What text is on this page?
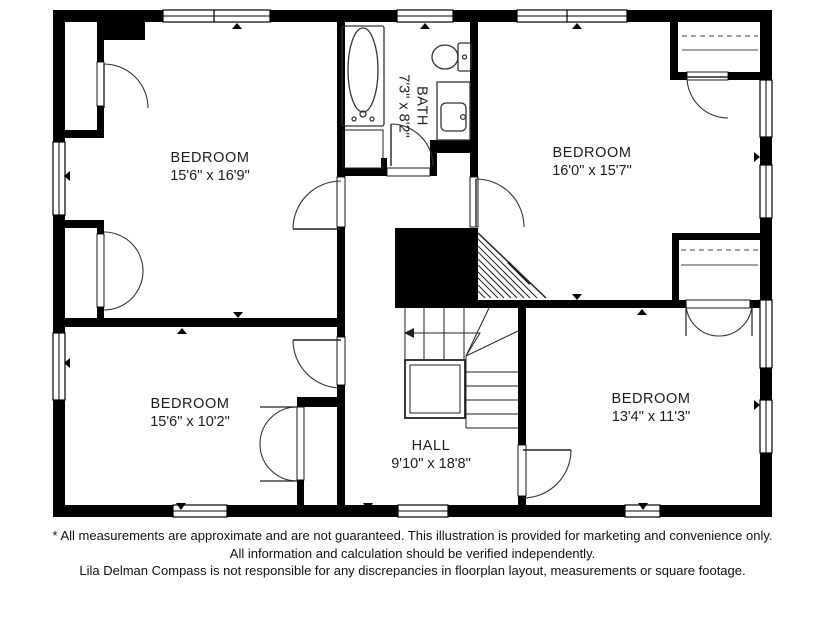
BEDROOM
15'6" x 16'9"
BATH
7'3" x 8'2"
BEDROOM
16'0" x 15'7"
BEDROOM
15'6" x 10'2"
HALL
9'10" x 18'8"
BEDROOM
13'4" x 11'3"
* All measurements are approximate and are not guaranteed. This illustration is provided for marketing and convenience only.
All information and calculation should be verified independently.
Lila Delman Compass is not responsible for any discrepancies in floorplan layout, measurements or square footage.
